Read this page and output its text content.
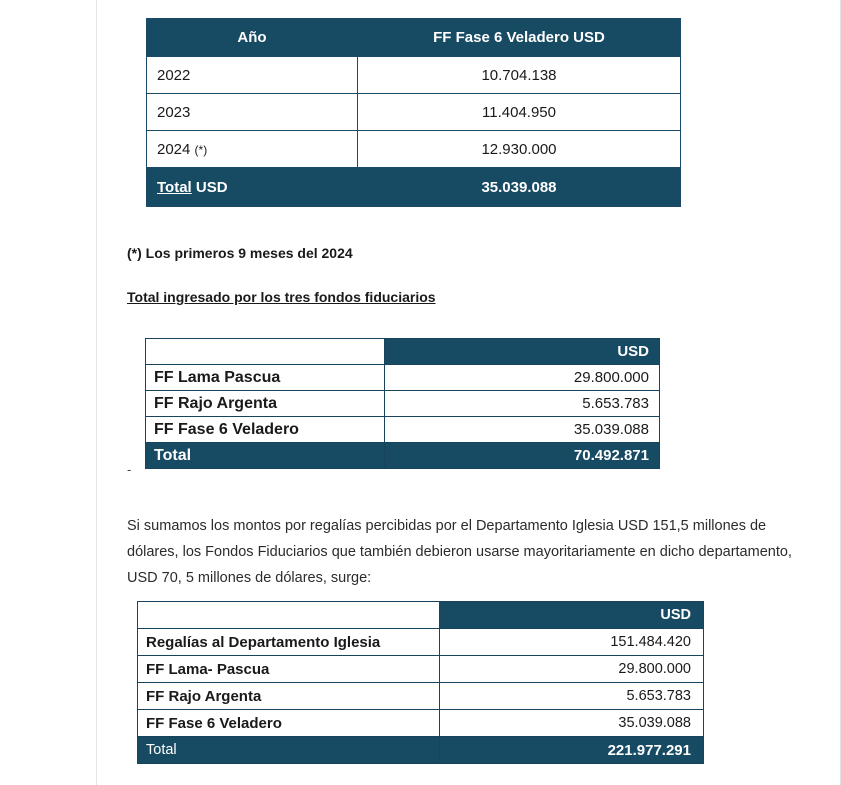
Año	FF Fase 6 Veladero USD
2022	10.704.138
2023	11.404.950
2024 (*)	12.930.000
Total USD	35.039.088
(*) Los primeros 9 meses del 2024
Total ingresado por los tres fondos fiduciarios
	USD
FF Lama Pascua	29.800.000
FF Rajo Argenta	5.653.783
FF Fase 6 Veladero	35.039.088
Total	70.492.871
-

Si sumamos los montos por regalías percibidas por el Departamento Iglesia USD 151,5 millones de dólares, los Fondos Fiduciarios que también debieron usarse mayoritariamente en dicho departamento, USD 70, 5 millones de dólares, surge:

	USD
Regalías al Departamento Iglesia	151.484.420
FF Lama- Pascua	29.800.000
FF Rajo Argenta	5.653.783
FF Fase 6 Veladero	35.039.088
Total	221.977.291
